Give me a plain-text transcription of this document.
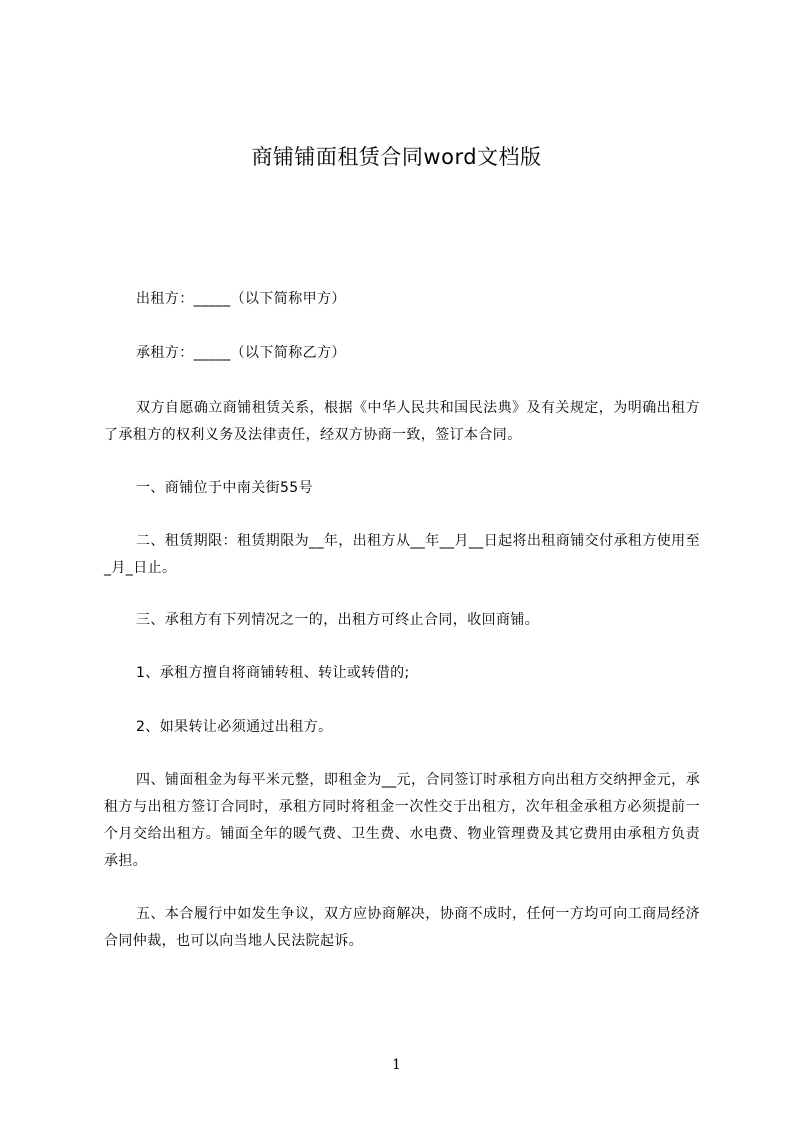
商铺铺面租赁合同word文档版
出租方：_____（以下简称甲方）
承租方：_____（以下简称乙方）
双方自愿确立商铺租赁关系，根据《中华人民共和国民法典》及有关规定，为明确出租方了承租方的权利义务及法律责任，经双方协商一致，签订本合同。
一、商铺位于中南关街55号
二、租赁期限：租赁期限为__年，出租方从__年__月__日起将出租商铺交付承租方使用至_月_日止。
三、承租方有下列情况之一的，出租方可终止合同，收回商铺。
1、承租方擅自将商铺转租、转让或转借的;
2、如果转让必须通过出租方。
四、铺面租金为每平米元整，即租金为__元，合同签订时承租方向出租方交纳押金元，承租方与出租方签订合同时，承租方同时将租金一次性交于出租方，次年租金承租方必须提前一个月交给出租方。铺面全年的暖气费、卫生费、水电费、物业管理费及其它费用由承租方负责承担。
五、本合履行中如发生争议，双方应协商解决，协商不成时，任何一方均可向工商局经济合同仲裁，也可以向当地人民法院起诉。
1
